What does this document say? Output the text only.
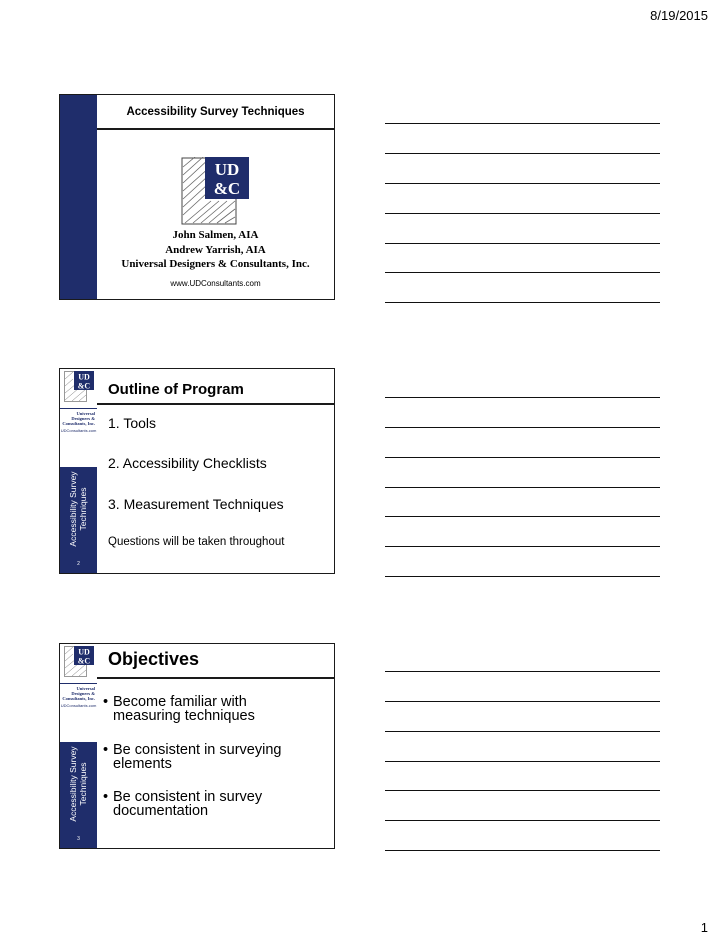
8/19/2015
Accessibility Survey Techniques
UD
&C
John Salmen, AIA
Andrew Yarrish, AIA
Universal Designers & Consultants, Inc.
www.UDConsultants.com
UD
&C
Universal
Designers &
Consultants, Inc.
UDConsultants.com
Accessibility Survey Techniques
2
Outline of Program
1. Tools
2. Accessibility Checklists
3. Measurement Techniques
Questions will be taken throughout
UD
&C
Universal
Designers &
Consultants, Inc.
UDConsultants.com
Accessibility Survey Techniques
3
Objectives
• Become familiar with measuring techniques
• Be consistent in surveying elements
• Be consistent in survey documentation
1
